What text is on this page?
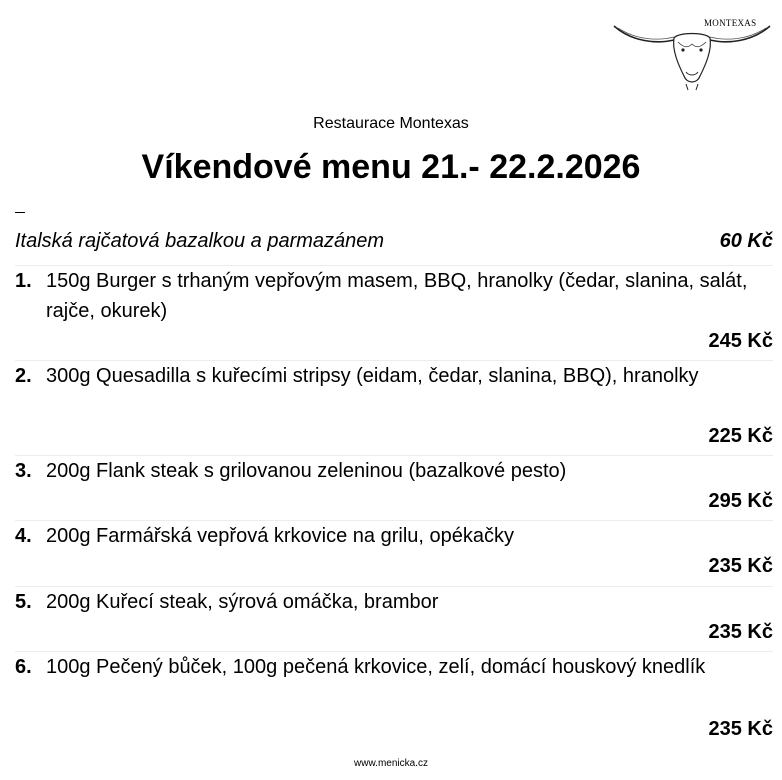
MONTEXAS
Restaurace Montexas
Víkendové menu 21.- 22.2.2026
Italská rajčatová bazalkou a parmazánem	60 Kč
1. 150g Burger s trhaným vepřovým masem, BBQ, hranolky (čedar, slanina, salát, rajče, okurek)
245 Kč
2. 300g Quesadilla s kuřecími stripsy (eidam, čedar, slanina, BBQ), hranolky
225 Kč
3. 200g Flank steak s grilovanou zeleninou (bazalkové pesto)
295 Kč
4. 200g Farmářská vepřová krkovice na grilu, opékačky
235 Kč
5. 200g Kuřecí steak, sýrová omáčka, brambor
235 Kč
6. 100g Pečený bůček, 100g pečená krkovice, zelí, domácí houskový knedlík
235 Kč
www.menicka.cz
